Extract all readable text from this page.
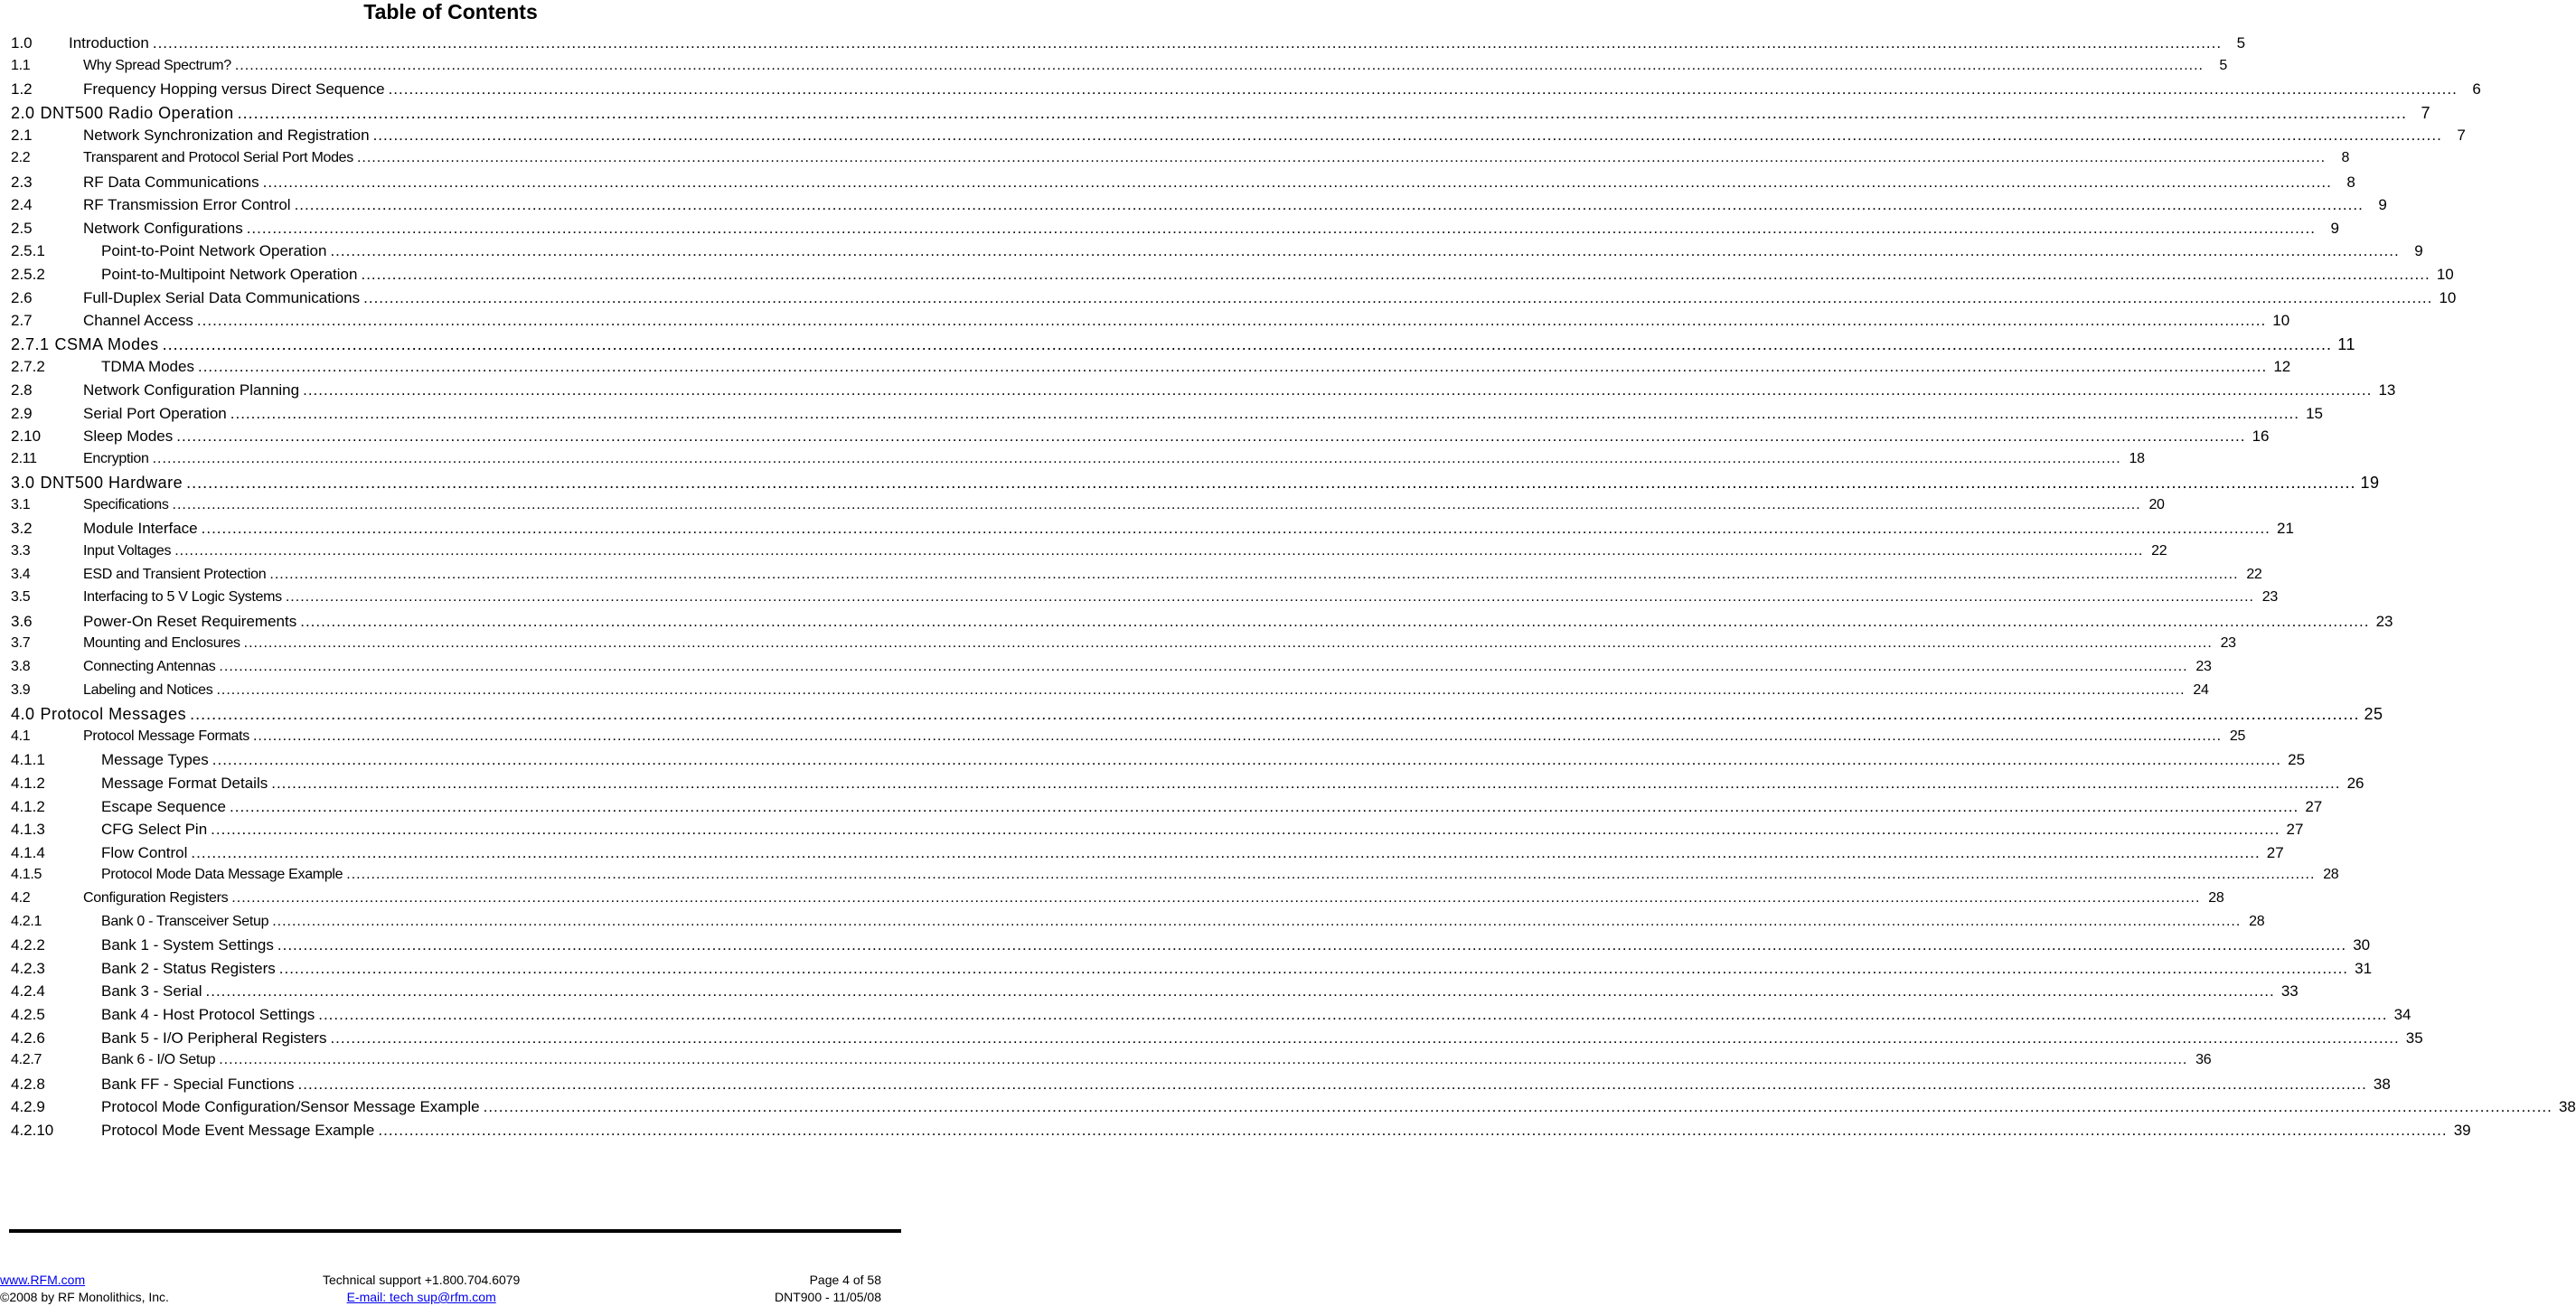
Table of Contents
1.0	Introduction ................................................................................................................................................................................................................................................................................................................................................................................................................ 5
1.1	Why Spread Spectrum? ................................................................................................................................................................................................................................................................................................................................................................................................................	5
1.2	Frequency Hopping versus Direct Sequence ................................................................................................................................................................................................................................................................................................................................................................................................................ 6
2.0 DNT500 Radio Operation ................................................................................................................................................................................................................................................................................................................................................................................................................ 7
2.1	Network Synchronization and Registration ................................................................................................................................................................................................................................................................................................................................................................................................................ 7
2.2	Transparent and Protocol Serial Port Modes ................................................................................................................................................................................................................................................................................................................................................................................................................	8
2.3	RF Data Communications ................................................................................................................................................................................................................................................................................................................................................................................................................ 8
2.4	RF Transmission Error Control ................................................................................................................................................................................................................................................................................................................................................................................................................ 9
2.5	Network Configurations ................................................................................................................................................................................................................................................................................................................................................................................................................ 9
2.5.1	Point-to-Point Network Operation ................................................................................................................................................................................................................................................................................................................................................................................................................ 9
2.5.2	Point-to-Multipoint Network Operation ................................................................................................................................................................................................................................................................................................................................................................................................................ 10
2.6	Full-Duplex Serial Data Communications ................................................................................................................................................................................................................................................................................................................................................................................................................ 10
2.7	Channel Access ................................................................................................................................................................................................................................................................................................................................................................................................................ 10
2.7.1 CSMA Modes ................................................................................................................................................................................................................................................................................................................................................................................................................ 11
2.7.2	TDMA Modes ................................................................................................................................................................................................................................................................................................................................................................................................................ 12
2.8	Network Configuration Planning ................................................................................................................................................................................................................................................................................................................................................................................................................ 13
2.9	Serial Port Operation ................................................................................................................................................................................................................................................................................................................................................................................................................ 15
2.10	Sleep Modes ................................................................................................................................................................................................................................................................................................................................................................................................................ 16
2.11	Encryption ................................................................................................................................................................................................................................................................................................................................................................................................................ 18
3.0 DNT500 Hardware ................................................................................................................................................................................................................................................................................................................................................................................................................ 19
3.1	Specifications ................................................................................................................................................................................................................................................................................................................................................................................................................ 20
3.2	Module Interface ................................................................................................................................................................................................................................................................................................................................................................................................................ 21
3.3	Input Voltages ................................................................................................................................................................................................................................................................................................................................................................................................................ 22
3.4	ESD and Transient Protection ................................................................................................................................................................................................................................................................................................................................................................................................................ 22
3.5	Interfacing to 5 V Logic Systems ................................................................................................................................................................................................................................................................................................................................................................................................................ 23
3.6	Power-On Reset Requirements ................................................................................................................................................................................................................................................................................................................................................................................................................ 23
3.7	Mounting and Enclosures ................................................................................................................................................................................................................................................................................................................................................................................................................ 23
3.8	Connecting Antennas ................................................................................................................................................................................................................................................................................................................................................................................................................ 23
3.9	Labeling and Notices ................................................................................................................................................................................................................................................................................................................................................................................................................ 24
4.0 Protocol Messages ................................................................................................................................................................................................................................................................................................................................................................................................................ 25
4.1	Protocol Message Formats ................................................................................................................................................................................................................................................................................................................................................................................................................ 25
4.1.1	Message Types ................................................................................................................................................................................................................................................................................................................................................................................................................ 25
4.1.2	Message Format Details ................................................................................................................................................................................................................................................................................................................................................................................................................ 26
4.1.2	Escape Sequence ................................................................................................................................................................................................................................................................................................................................................................................................................ 27
4.1.3	CFG Select Pin ................................................................................................................................................................................................................................................................................................................................................................................................................ 27
4.1.4	Flow Control ................................................................................................................................................................................................................................................................................................................................................................................................................ 27
4.1.5	Protocol Mode Data Message Example ................................................................................................................................................................................................................................................................................................................................................................................................................ 28
4.2	Configuration Registers ................................................................................................................................................................................................................................................................................................................................................................................................................ 28
4.2.1	Bank 0 - Transceiver Setup ................................................................................................................................................................................................................................................................................................................................................................................................................ 28
4.2.2	Bank 1 - System Settings ................................................................................................................................................................................................................................................................................................................................................................................................................ 30
4.2.3	Bank 2 - Status Registers ................................................................................................................................................................................................................................................................................................................................................................................................................ 31
4.2.4	Bank 3 - Serial ................................................................................................................................................................................................................................................................................................................................................................................................................ 33
4.2.5	Bank 4 - Host Protocol Settings ................................................................................................................................................................................................................................................................................................................................................................................................................ 34
4.2.6	Bank 5 - I/O Peripheral Registers ................................................................................................................................................................................................................................................................................................................................................................................................................ 35
4.2.7	Bank 6 - I/O Setup ................................................................................................................................................................................................................................................................................................................................................................................................................ 36
4.2.8	Bank FF - Special Functions ................................................................................................................................................................................................................................................................................................................................................................................................................ 38
4.2.9	Protocol Mode Configuration/Sensor Message Example ................................................................................................................................................................................................................................................................................................................................................................................................................ 38
4.2.10	Protocol Mode Event Message Example ................................................................................................................................................................................................................................................................................................................................................................................................................ 39
www.RFM.com
©2008 by RF Monolithics, Inc.
Technical support +1.800.704.6079
E-mail: tech sup@rfm.com
Page 4 of 58
DNT900 - 11/05/08
